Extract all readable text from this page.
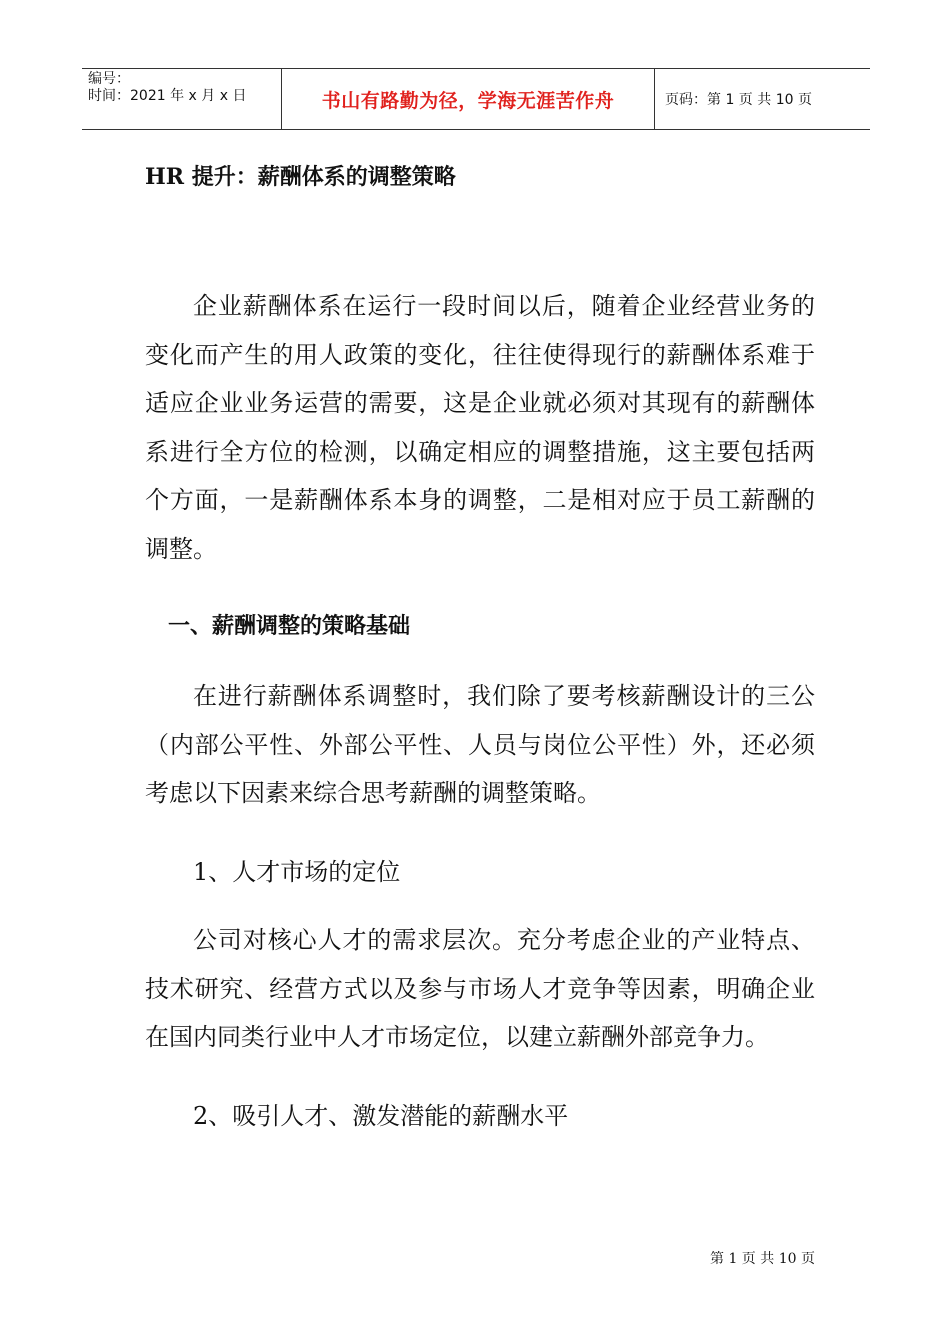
编号：
时间：2021 年 x 月 x 日	书山有路勤为径，学海无涯苦作舟	页码：第 1 页 共 10 页
HR 提升：薪酬体系的调整策略

企业薪酬体系在运行一段时间以后，随着企业经营业务的变化而产生的用人政策的变化，往往使得现行的薪酬体系难于适应企业业务运营的需要，这是企业就必须对其现有的薪酬体系进行全方位的检测，以确定相应的调整措施，这主要包括两个方面，一是薪酬体系本身的调整，二是相对应于员工薪酬的调整。

一、薪酬调整的策略基础

在进行薪酬体系调整时，我们除了要考核薪酬设计的三公（内部公平性、外部公平性、人员与岗位公平性）外，还必须考虑以下因素来综合思考薪酬的调整策略。

1、人才市场的定位

公司对核心人才的需求层次。充分考虑企业的产业特点、技术研究、经营方式以及参与市场人才竞争等因素，明确企业在国内同类行业中人才市场定位，以建立薪酬外部竞争力。

2、吸引人才、激发潜能的薪酬水平

第 1 页 共 10 页
